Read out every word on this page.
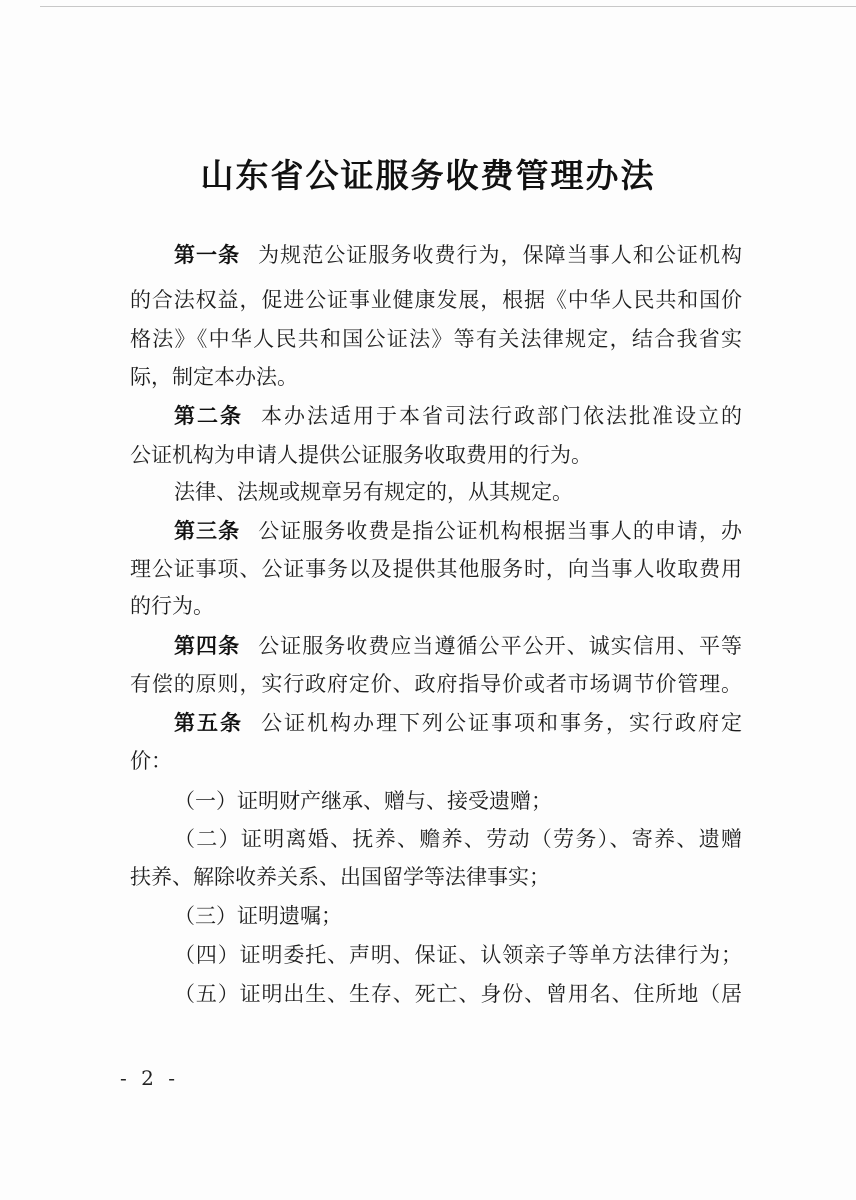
山东省公证服务收费管理办法
第一条 为规范公证服务收费行为，保障当事人和公证机构
的合法权益，促进公证事业健康发展，根据《中华人民共和国价
格法》《中华人民共和国公证法》等有关法律规定，结合我省实
际，制定本办法。
第二条 本办法适用于本省司法行政部门依法批准设立的
公证机构为申请人提供公证服务收取费用的行为。
法律、法规或规章另有规定的，从其规定。
第三条 公证服务收费是指公证机构根据当事人的申请，办
理公证事项、公证事务以及提供其他服务时，向当事人收取费用
的行为。
第四条 公证服务收费应当遵循公平公开、诚实信用、平等
有偿的原则，实行政府定价、政府指导价或者市场调节价管理。
第五条 公证机构办理下列公证事项和事务，实行政府定
价：
（一）证明财产继承、赠与、接受遗赠；
（二）证明离婚、抚养、赡养、劳动（劳务）、寄养、遗赠
扶养、解除收养关系、出国留学等法律事实；
（三）证明遗嘱；
（四）证明委托、声明、保证、认领亲子等单方法律行为；
（五）证明出生、生存、死亡、身份、曾用名、住所地（居
- 2 -
